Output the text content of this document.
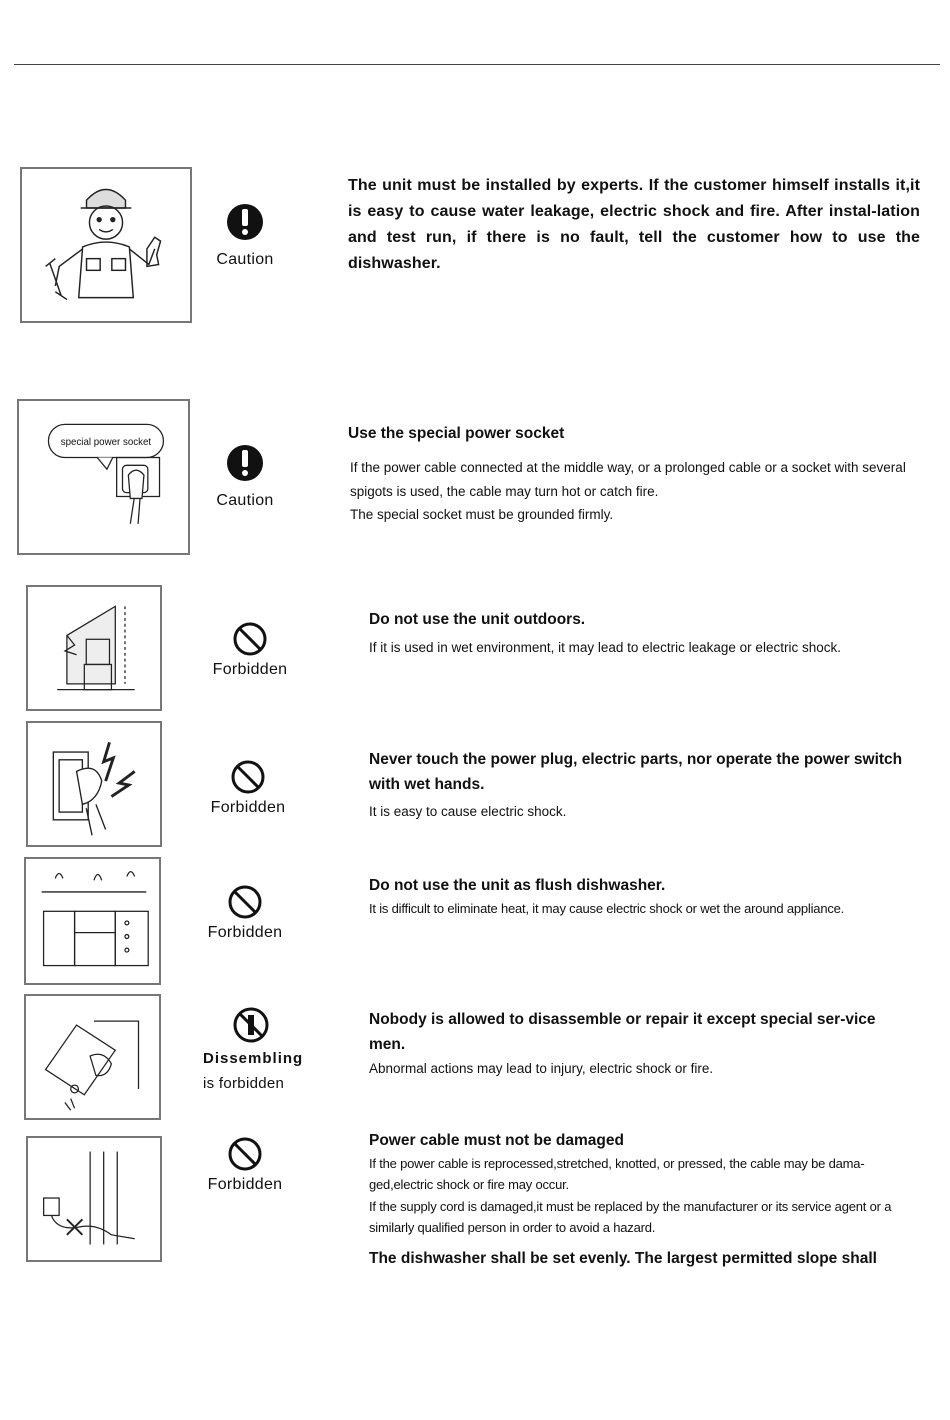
Caution
The unit must be installed by experts. If the customer himself installs it,it is easy to cause water leakage, electric shock and fire. After instal-lation and test run, if there is no fault, tell the customer how to use the dishwasher.
special power socket
Caution
Use the special power socket
If the power cable connected at the middle way, or a prolonged cable or a socket with several spigots is used, the cable may turn hot or catch fire.
The special socket must be grounded firmly.
Forbidden
Do not use the unit outdoors.
If it is used in wet environment, it may lead to electric leakage or electric shock.
Forbidden
Never touch the power plug, electric parts, nor operate the power switch with wet hands.
It is easy to cause electric shock.
Forbidden
Do not use the unit as flush dishwasher.
It is difficult to eliminate heat, it may cause electric shock or wet the around appliance.
Dissembling
is forbidden
Nobody is allowed to disassemble or repair it except special ser-vice men.
Abnormal actions may lead to injury, electric shock or fire.
Forbidden
Power cable must not be damaged
If the power cable is reprocessed,stretched, knotted, or pressed, the cable may be dama-ged,electric shock or fire may occur.
If the supply cord is damaged,it must be replaced by the manufacturer or its service agent or a similarly qualified person in order to avoid a hazard.
The dishwasher shall be set evenly. The largest permitted slope shall
